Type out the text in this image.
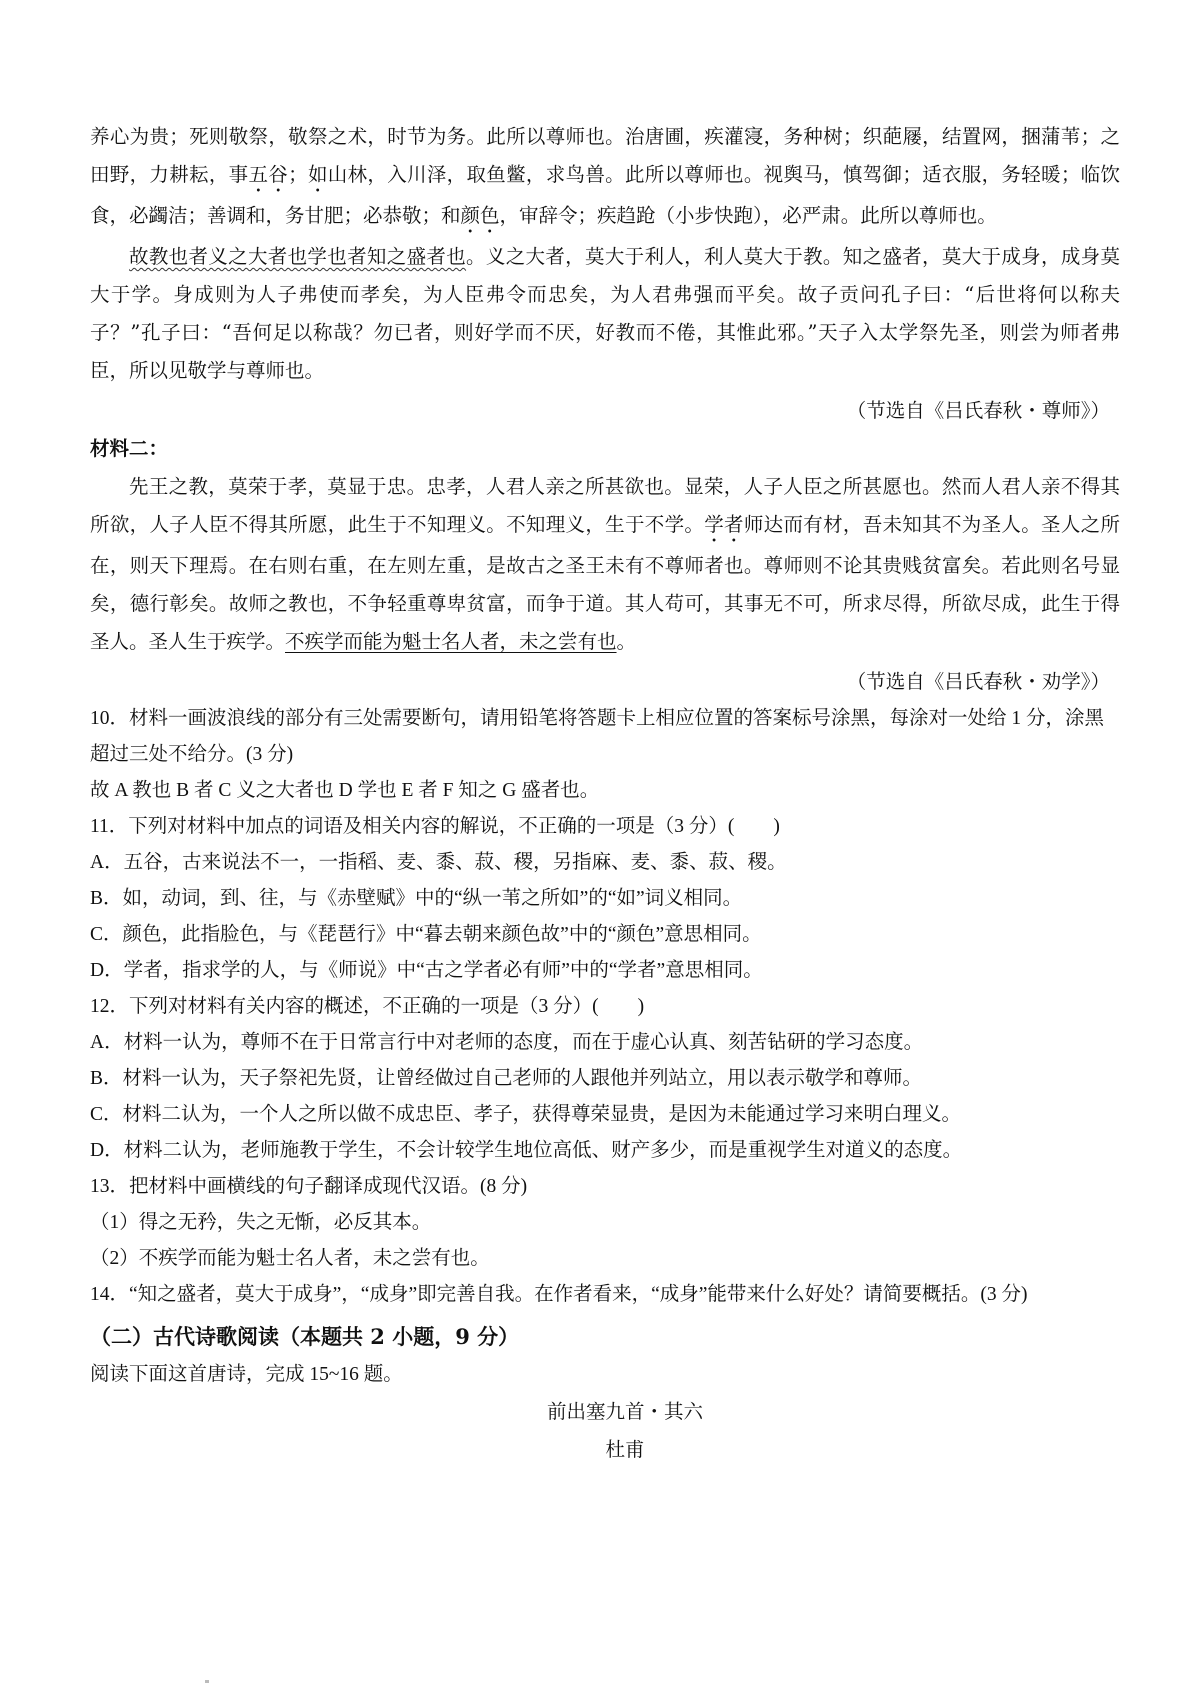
养心为贵；死则敬祭，敬祭之术，时节为务。此所以尊师也。治唐圃，疾灌寖，务种树；织葩屦，结置网，捆蒲苇；之田野，力耕耘，事五谷；如山林，入川泽，取鱼鳖，求鸟兽。此所以尊师也。视舆马，慎驾御；适衣服，务轻暖；临饮食，必蠲洁；善调和，务甘肥；必恭敬；和颜色，审辞令；疾趋跄（小步快跑），必严肃。此所以尊师也。

故教也者义之大者也学也者知之盛者也。义之大者，莫大于利人，利人莫大于教。知之盛者，莫大于成身，成身莫大于学。身成则为人子弗使而孝矣，为人臣弗令而忠矣，为人君弗强而平矣。故子贡问孔子曰：“后世将何以称夫子？”孔子曰：“吾何足以称哉？勿已者，则好学而不厌，好教而不倦，其惟此邪。”天子入太学祭先圣，则尝为师者弗臣，所以见敬学与尊师也。

（节选自《吕氏春秋・尊师》）

材料二：

先王之教，莫荣于孝，莫显于忠。忠孝，人君人亲之所甚欲也。显荣，人子人臣之所甚愿也。然而人君人亲不得其所欲，人子人臣不得其所愿，此生于不知理义。不知理义，生于不学。学者师达而有材，吾未知其不为圣人。圣人之所在，则天下理焉。在右则右重，在左则左重，是故古之圣王未有不尊师者也。尊师则不论其贵贱贫富矣。若此则名号显矣，德行彰矣。故师之教也，不争轻重尊卑贫富，而争于道。其人苟可，其事无不可，所求尽得，所欲尽成，此生于得圣人。圣人生于疾学。不疾学而能为魁士名人者，未之尝有也。

（节选自《吕氏春秋・劝学》）

10．材料一画波浪线的部分有三处需要断句，请用铅笔将答题卡上相应位置的答案标号涂黑，每涂对一处给 1 分，涂黑超过三处不给分。(3 分)

故 A 教也 B 者 C 义之大者也 D 学也 E 者 F 知之 G 盛者也。

11．下列对材料中加点的词语及相关内容的解说，不正确的一项是（3 分）(　　)

A．五谷，古来说法不一，一指稻、麦、黍、菽、稷，另指麻、麦、黍、菽、稷。

B．如，动词，到、往，与《赤壁赋》中的“纵一苇之所如”的“如”词义相同。

C．颜色，此指脸色，与《琵琶行》中“暮去朝来颜色故”中的“颜色”意思相同。

D．学者，指求学的人，与《师说》中“古之学者必有师”中的“学者”意思相同。

12．下列对材料有关内容的概述，不正确的一项是（3 分）(　　)

A．材料一认为，尊师不在于日常言行中对老师的态度，而在于虚心认真、刻苦钻研的学习态度。

B．材料一认为，天子祭祀先贤，让曾经做过自己老师的人跟他并列站立，用以表示敬学和尊师。

C．材料二认为，一个人之所以做不成忠臣、孝子，获得尊荣显贵，是因为未能通过学习来明白理义。

D．材料二认为，老师施教于学生，不会计较学生地位高低、财产多少，而是重视学生对道义的态度。

13．把材料中画横线的句子翻译成现代汉语。(8 分)

（1）得之无矜，失之无惭，必反其本。

（2）不疾学而能为魁士名人者，未之尝有也。

14．“知之盛者，莫大于成身”，“成身”即完善自我。在作者看来，“成身”能带来什么好处？请简要概括。(3 分)

（二）古代诗歌阅读（本题共 2 小题，9 分）

阅读下面这首唐诗，完成 15~16 题。

前出塞九首・其六

杜甫
